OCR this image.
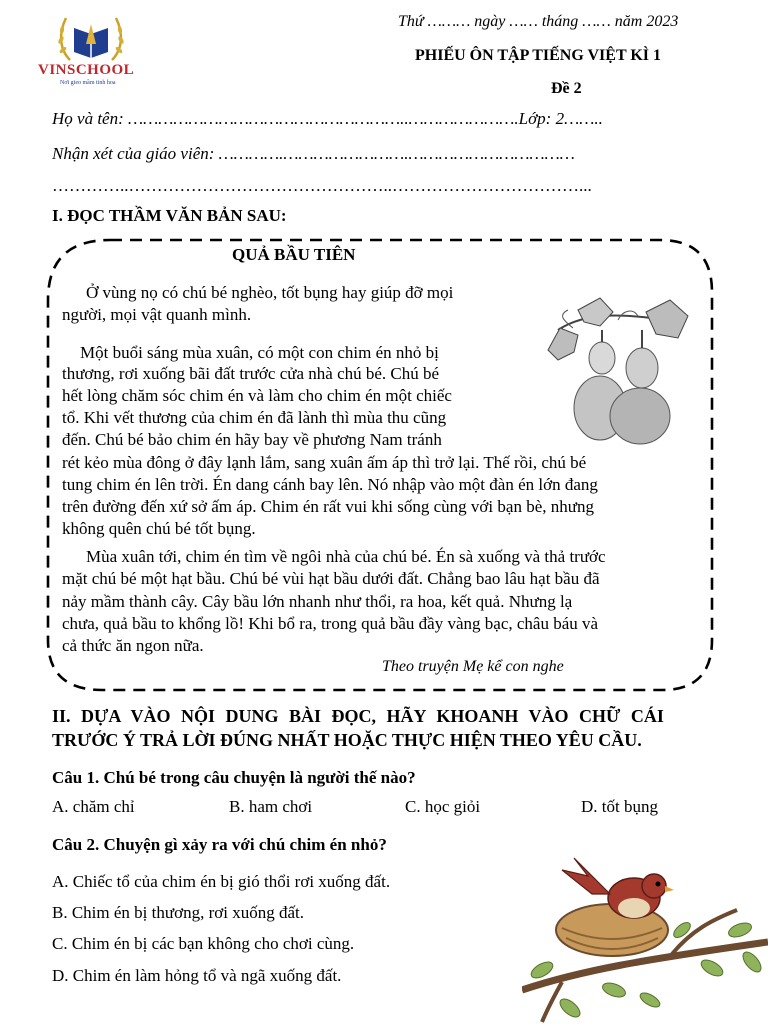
VINSCHOOL
Nơi gieo mầm tinh hoa
Thứ ……… ngày …… tháng …… năm 2023
PHIẾU ÔN TẬP TIẾNG VIỆT KÌ 1
Đề 2
Họ và tên: ………………………………………………..………………….Lớp: 2……..
Nhận xét của giáo viên: ………….…………………….……………………………
…………..………………………………………..……………………………...
I. ĐỌC THẦM VĂN BẢN SAU:
QUẢ BẦU TIÊN
Ở vùng nọ có chú bé nghèo, tốt bụng hay giúp đỡ mọi
người, mọi vật quanh mình.
Một buổi sáng mùa xuân, có một con chim én nhỏ bị
thương, rơi xuống bãi đất trước cửa nhà chú bé. Chú bé
hết lòng chăm sóc chim én và làm cho chim én một chiếc
tổ. Khi vết thương của chim én đã lành thì mùa thu cũng
đến. Chú bé bảo chim én hãy bay về phương Nam tránh
rét kẻo mùa đông ở đây lạnh lắm, sang xuân ấm áp thì trở lại. Thế rồi, chú bé
tung chim én lên trời. Én dang cánh bay lên. Nó nhập vào một đàn én lớn đang
trên đường đến xứ sở ấm áp. Chim én rất vui khi sống cùng với bạn bè, nhưng
không quên chú bé tốt bụng.
Mùa xuân tới, chim én tìm về ngôi nhà của chú bé. Én sà xuống và thả trước
mặt chú bé một hạt bầu. Chú bé vùi hạt bầu dưới đất. Chẳng bao lâu hạt bầu đã
nảy mầm thành cây. Cây bầu lớn nhanh như thổi, ra hoa, kết quả. Nhưng lạ
chưa, quả bầu to khổng lồ! Khi bổ ra, trong quả bầu đầy vàng bạc, châu báu và
cả thức ăn ngon nữa.
Theo truyện Mẹ kể con nghe
II. DỰA VÀO NỘI DUNG BÀI ĐỌC, HÃY KHOANH VÀO CHỮ CÁI
TRƯỚC Ý TRẢ LỜI ĐÚNG NHẤT HOẶC THỰC HIỆN THEO YÊU CẦU.
Câu 1. Chú bé trong câu chuyện là người thế nào?
A. chăm chỉ	B. ham chơi	C. học giỏi	D. tốt bụng
Câu 2. Chuyện gì xảy ra với chú chim én nhỏ?
A. Chiếc tổ của chim én bị gió thổi rơi xuống đất.
B. Chim én bị thương, rơi xuống đất.
C. Chim én bị các bạn không cho chơi cùng.
D. Chim én làm hỏng tổ và ngã xuống đất.
